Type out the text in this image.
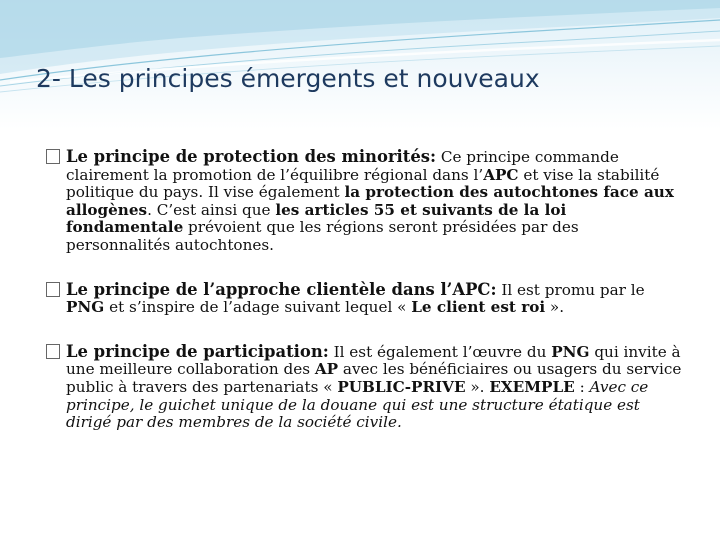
2- Les principes émergents et nouveaux
Le principe de protection des minorités: Ce principe commande clairement la promotion de l’équilibre régional dans l’APC et vise la stabilité politique du pays. Il vise également la protection des autochtones face aux allogènes. C’est ainsi que les articles 55 et suivants de la loi fondamentale prévoient que les régions seront présidées par des personnalités autochtones.
Le principe de l’approche clientèle dans l’APC: Il est promu par le PNG et s’inspire de l’adage suivant lequel « Le client est roi ».
Le principe de participation: Il est également l’œuvre du PNG qui invite à une meilleure collaboration des AP avec les bénéficiaires ou usagers du service public à travers des partenariats « PUBLIC-PRIVE ». EXEMPLE : Avec ce principe, le guichet unique de la douane qui est une structure étatique est dirigé par des membres de la société civile.
